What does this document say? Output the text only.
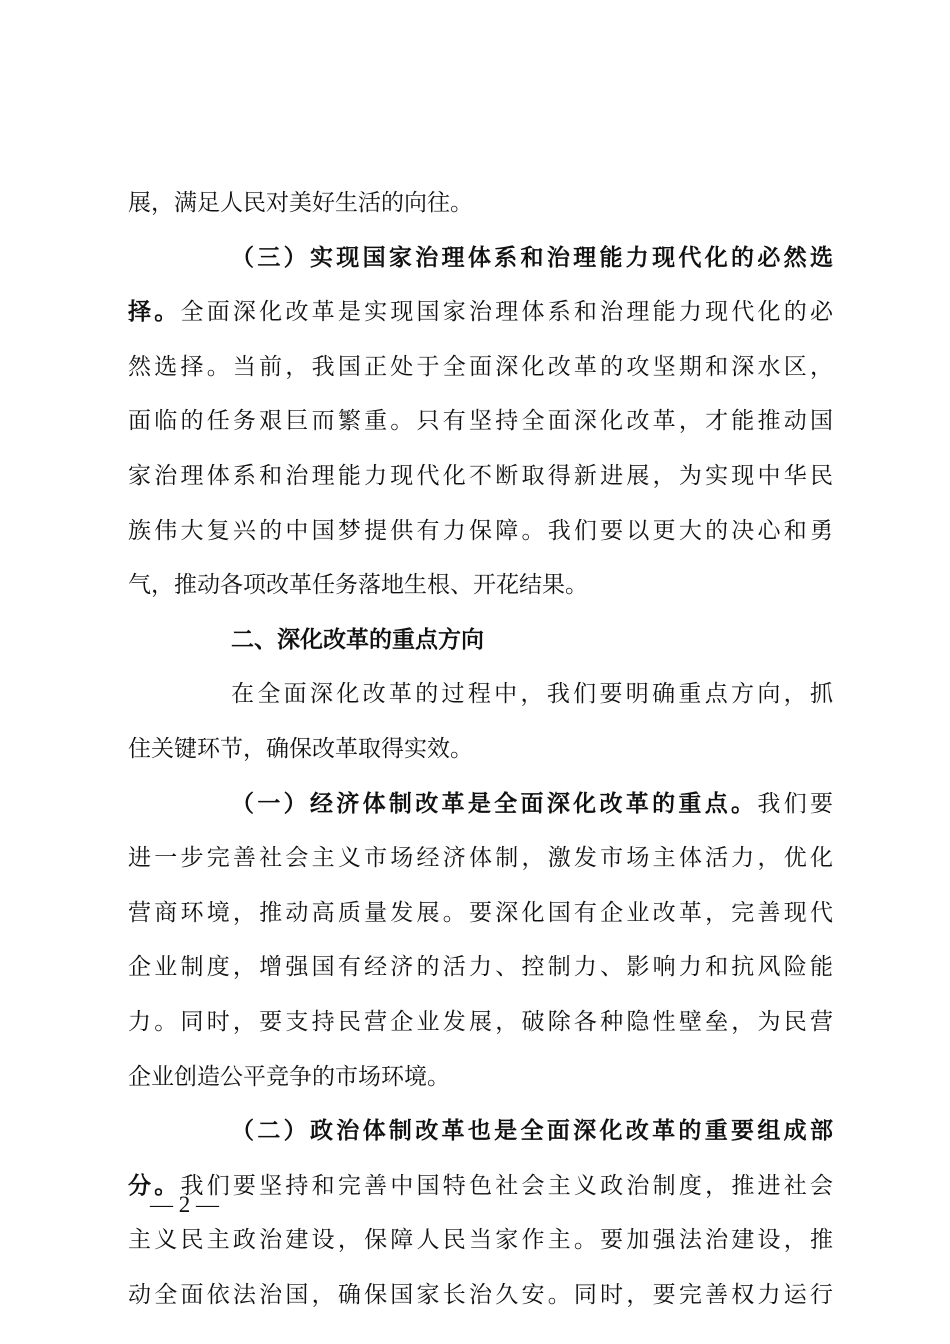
展，满足人民对美好生活的向往。
（三）实现国家治理体系和治理能力现代化的必然选
择。全面深化改革是实现国家治理体系和治理能力现代化的必
然选择。当前，我国正处于全面深化改革的攻坚期和深水区，
面临的任务艰巨而繁重。只有坚持全面深化改革，才能推动国
家治理体系和治理能力现代化不断取得新进展，为实现中华民
族伟大复兴的中国梦提供有力保障。我们要以更大的决心和勇
气，推动各项改革任务落地生根、开花结果。
二、深化改革的重点方向
在全面深化改革的过程中，我们要明确重点方向，抓
住关键环节，确保改革取得实效。
（一）经济体制改革是全面深化改革的重点。我们要
进一步完善社会主义市场经济体制，激发市场主体活力，优化
营商环境，推动高质量发展。要深化国有企业改革，完善现代
企业制度，增强国有经济的活力、控制力、影响力和抗风险能
力。同时，要支持民营企业发展，破除各种隐性壁垒，为民营
企业创造公平竞争的市场环境。
（二）政治体制改革也是全面深化改革的重要组成部
分。我们要坚持和完善中国特色社会主义政治制度，推进社会
主义民主政治建设，保障人民当家作主。要加强法治建设，推
动全面依法治国，确保国家长治久安。同时，要完善权力运行
— 2 —
